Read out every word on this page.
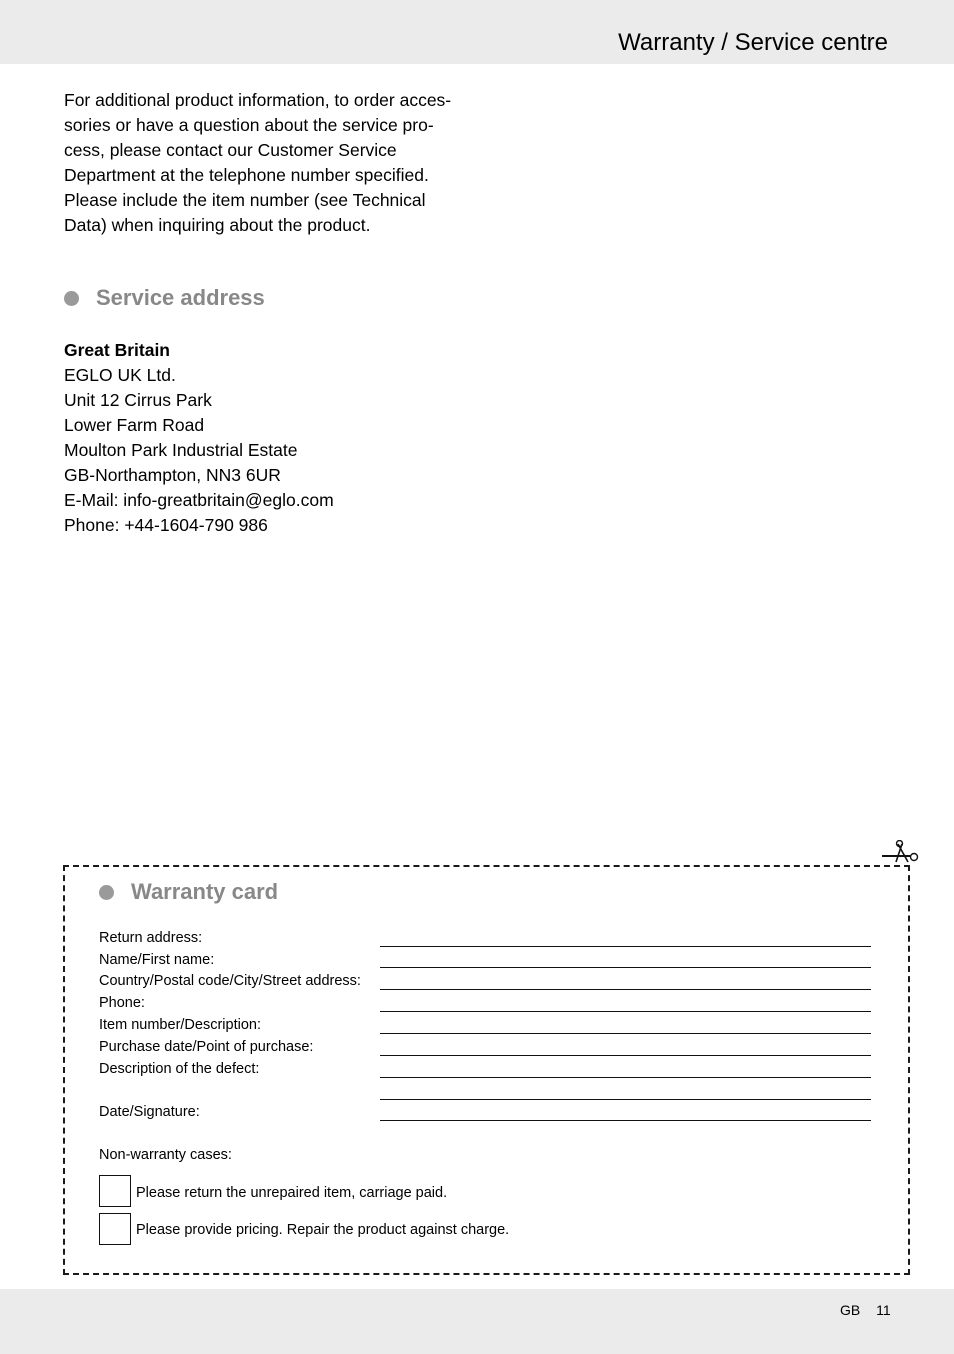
Warranty / Service centre
For additional product information, to order acces-
sories or have a question about the service pro-
cess, please contact our Customer Service
Department at the telephone number specified.
Please include the item number (see Technical
Data) when inquiring about the product.
Service address
Great Britain
EGLO UK Ltd.
Unit 12 Cirrus Park
Lower Farm Road
Moulton Park Industrial Estate
GB-Northampton, NN3 6UR
E-Mail: info-greatbritain@eglo.com
Phone: +44-1604-790 986
Warranty card
Return address:
Name/First name:
Country/Postal code/City/Street address:
Phone:
Item number/Description:
Purchase date/Point of purchase:
Description of the defect:
Date/Signature:
Non-warranty cases:
Please return the unrepaired item, carriage paid.
Please provide pricing. Repair the product against charge.
GB 11
